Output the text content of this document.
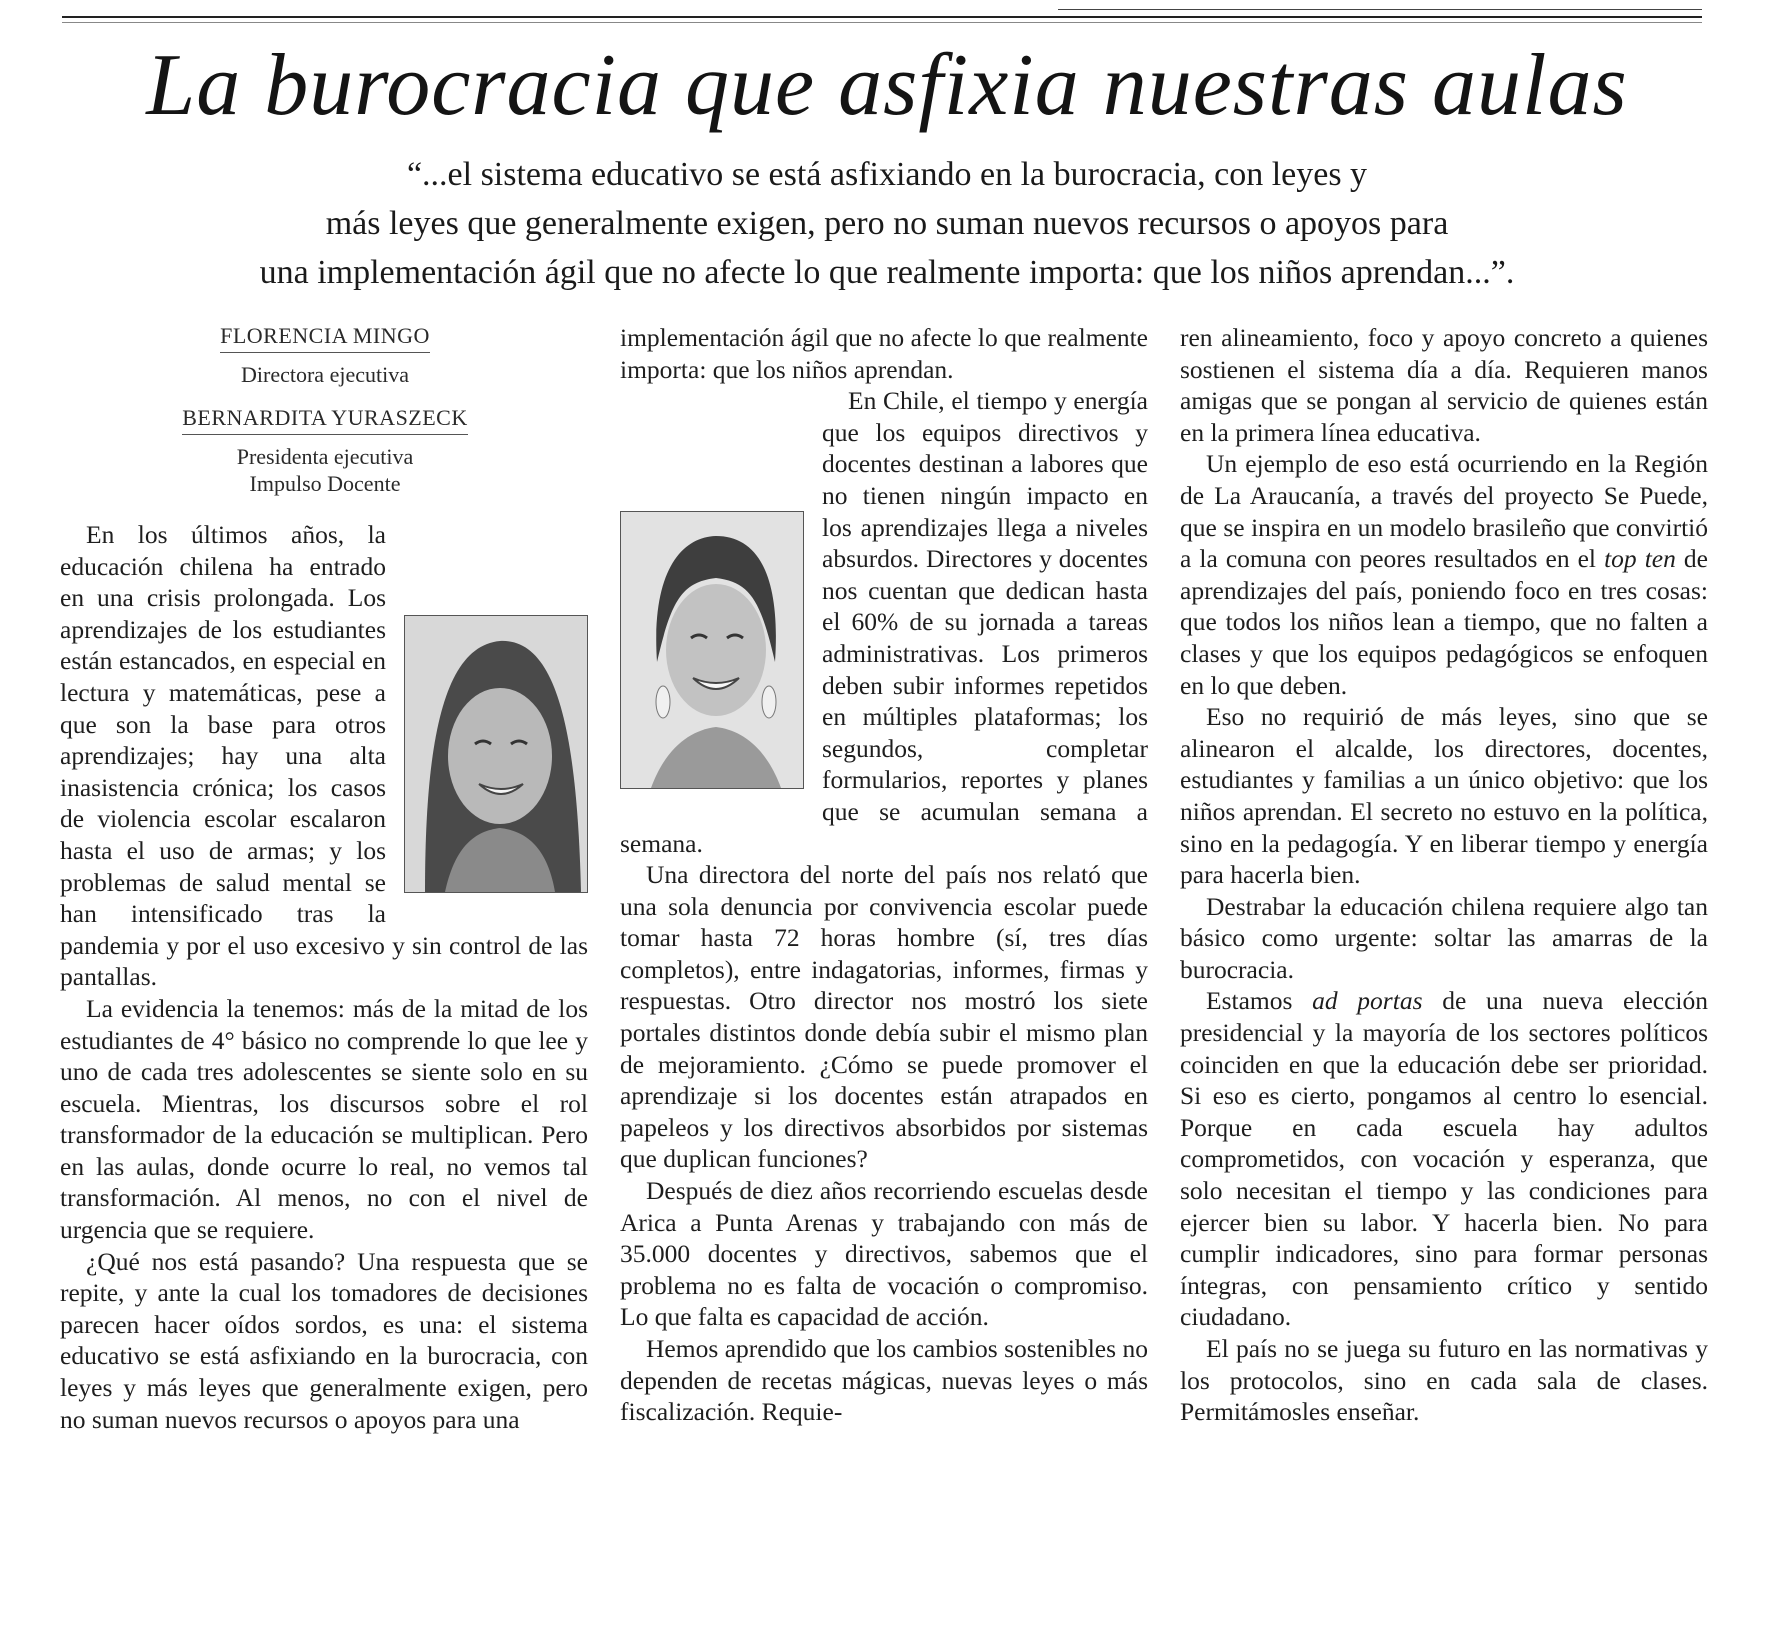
La burocracia que asfixia nuestras aulas
“...el sistema educativo se está asfixiando en la burocracia, con leyes y
más leyes que generalmente exigen, pero no suman nuevos recursos o apoyos para
una implementación ágil que no afecte lo que realmente importa: que los niños aprendan...”.
FLORENCIA MINGO
Directora ejecutiva
BERNARDITA YURASZECK
Presidenta ejecutiva
Impulso Docente

En los últimos años, la educación chilena ha entrado en una crisis prolongada. Los aprendizajes de los estudiantes están estancados, en especial en lectura y matemáticas, pese a que son la base para otros aprendizajes; hay una alta inasistencia crónica; los casos de violencia escolar escalaron hasta el uso de armas; y los problemas de salud mental se han intensificado tras la pandemia y por el uso excesivo y sin control de las pantallas.

La evidencia la tenemos: más de la mitad de los estudiantes de 4° básico no comprende lo que lee y uno de cada tres adolescentes se siente solo en su escuela. Mientras, los discursos sobre el rol transformador de la educación se multiplican. Pero en las aulas, donde ocurre lo real, no vemos tal transformación. Al menos, no con el nivel de urgencia que se requiere.

¿Qué nos está pasando? Una respuesta que se repite, y ante la cual los tomadores de decisiones parecen hacer oídos sordos, es una: el sistema educativo se está asfixiando en la burocracia, con leyes y más leyes que generalmente exigen, pero no suman nuevos recursos o apoyos para una

implementación ágil que no afecte lo que realmente importa: que los niños aprendan.

En Chile, el tiempo y energía que los equipos directivos y docentes destinan a labores que no tienen ningún impacto en los aprendizajes llega a niveles absurdos. Directores y docentes nos cuentan que dedican hasta el 60% de su jornada a tareas administrativas. Los primeros deben subir informes repetidos en múltiples plataformas; los segundos, completar formularios, reportes y planes que se acumulan semana a semana.

Una directora del norte del país nos relató que una sola denuncia por convivencia escolar puede tomar hasta 72 horas hombre (sí, tres días completos), entre indagatorias, informes, firmas y respuestas. Otro director nos mostró los siete portales distintos donde debía subir el mismo plan de mejoramiento. ¿Cómo se puede promover el aprendizaje si los docentes están atrapados en papeleos y los directivos absorbidos por sistemas que duplican funciones?

Después de diez años recorriendo escuelas desde Arica a Punta Arenas y trabajando con más de 35.000 docentes y directivos, sabemos que el problema no es falta de vocación o compromiso. Lo que falta es capacidad de acción.

Hemos aprendido que los cambios sostenibles no dependen de recetas mágicas, nuevas leyes o más fiscalización. Requie-

ren alineamiento, foco y apoyo concreto a quienes sostienen el sistema día a día. Requieren manos amigas que se pongan al servicio de quienes están en la primera línea educativa.

Un ejemplo de eso está ocurriendo en la Región de La Araucanía, a través del proyecto Se Puede, que se inspira en un modelo brasileño que convirtió a la comuna con peores resultados en el top ten de aprendizajes del país, poniendo foco en tres cosas: que todos los niños lean a tiempo, que no falten a clases y que los equipos pedagógicos se enfoquen en lo que deben.

Eso no requirió de más leyes, sino que se alinearon el alcalde, los directores, docentes, estudiantes y familias a un único objetivo: que los niños aprendan. El secreto no estuvo en la política, sino en la pedagogía. Y en liberar tiempo y energía para hacerla bien.

Destrabar la educación chilena requiere algo tan básico como urgente: soltar las amarras de la burocracia.

Estamos ad portas de una nueva elección presidencial y la mayoría de los sectores políticos coinciden en que la educación debe ser prioridad. Si eso es cierto, pongamos al centro lo esencial. Porque en cada escuela hay adultos comprometidos, con vocación y esperanza, que solo necesitan el tiempo y las condiciones para ejercer bien su labor. Y hacerla bien. No para cumplir indicadores, sino para formar personas íntegras, con pensamiento crítico y sentido ciudadano.

El país no se juega su futuro en las normativas y los protocolos, sino en cada sala de clases. Permitámosles enseñar.
